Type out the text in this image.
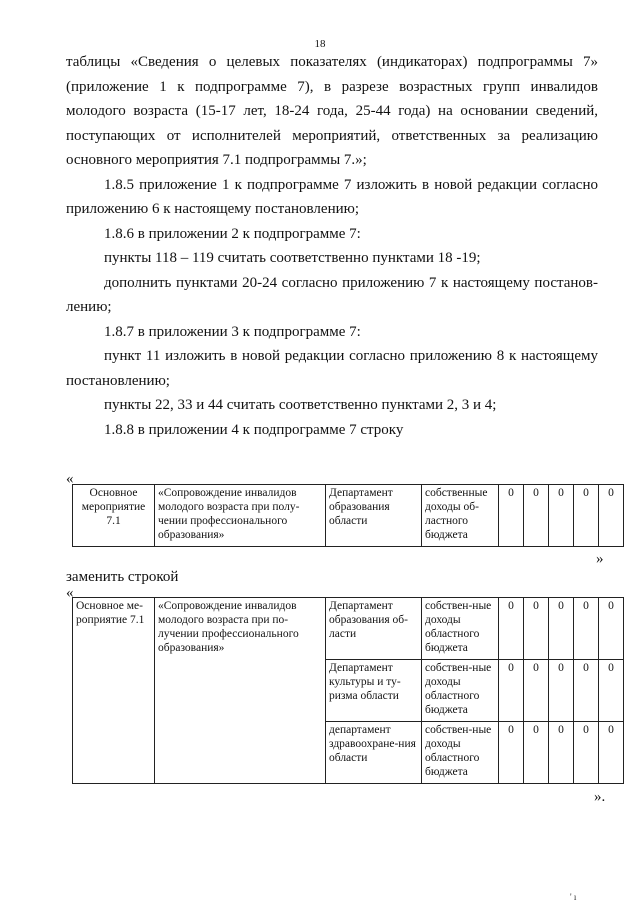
18

таблицы «Сведения о целевых показателях (индикаторах) подпрограммы 7» (приложение 1 к подпрограмме 7), в разрезе возрастных групп инвалидов молодого возраста (15-17 лет, 18-24 года, 25-44 года) на основании сведений, поступающих от исполнителей мероприятий, ответственных за реализацию основного мероприятия 7.1 подпрограммы 7.»;

1.8.5 приложение 1 к подпрограмме 7 изложить в новой редакции согласно приложению 6 к настоящему постановлению;

1.8.6 в приложении 2 к подпрограмме 7:

пункты 118 – 119 считать соответственно пунктами 18 -19;

дополнить пунктами 20-24 согласно приложению 7 к настоящему постанов-лению;

1.8.7 в приложении 3 к подпрограмме 7:

пункт 11 изложить в новой редакции согласно приложению 8 к настоящему постановлению;

пункты 22, 33 и 44 считать соответственно пунктами 2, 3 и 4;

1.8.8 в приложении 4 к подпрограмме 7 строку

«
Основное мероприятие 7.1	«Сопровождение инвалидов молодого возраста при полу-чении профессионального образования»	Департамент образования области	собственные доходы об-ластного бюджета	0	0	0	0	0
»
заменить строкой
«
Основное ме-роприятие 7.1	«Сопровождение инвалидов молодого возраста при по-лучении профессионального образования»	Департамент образования об-ласти	собствен-ные доходы областного бюджета	0	0	0	0	0
		Департамент культуры и ту-ризма области	собствен-ные доходы областного бюджета	0	0	0	0	0
		департамент здравоохране-ния области	собствен-ные доходы областного бюджета	0	0	0	0	0
».
' ı
